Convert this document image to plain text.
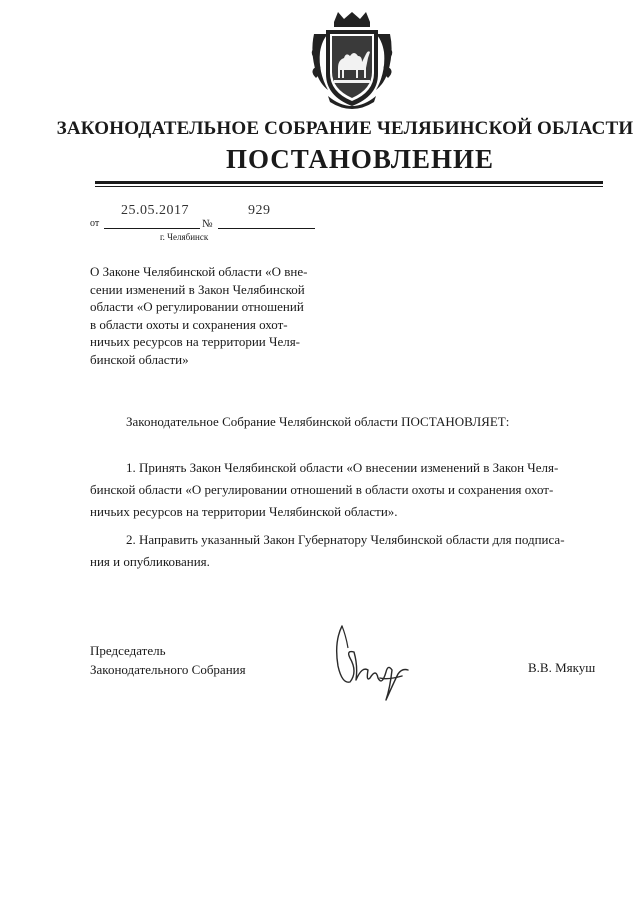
ЗАКОНОДАТЕЛЬНОЕ СОБРАНИЕ ЧЕЛЯБИНСКОЙ ОБЛАСТИ
ПОСТАНОВЛЕНИЕ
от
25.05.2017
№
929
г. Челябинск
О Законе Челябинской области «О вне-
сении изменений в Закон Челябинской
области «О регулировании отношений
в области охоты и сохранения охот-
ничьих ресурсов на территории Челя-
бинской области»
Законодательное Собрание Челябинской области ПОСТАНОВЛЯЕТ:
1. Принять Закон Челябинской области «О внесении изменений в Закон Челя-
бинской области «О регулировании отношений в области охоты и сохранения охот-
ничьих ресурсов на территории Челябинской области».
2. Направить указанный Закон Губернатору Челябинской области для подписа-
ния и опубликования.
Председатель
Законодательного Собрания	В.В. Мякуш
